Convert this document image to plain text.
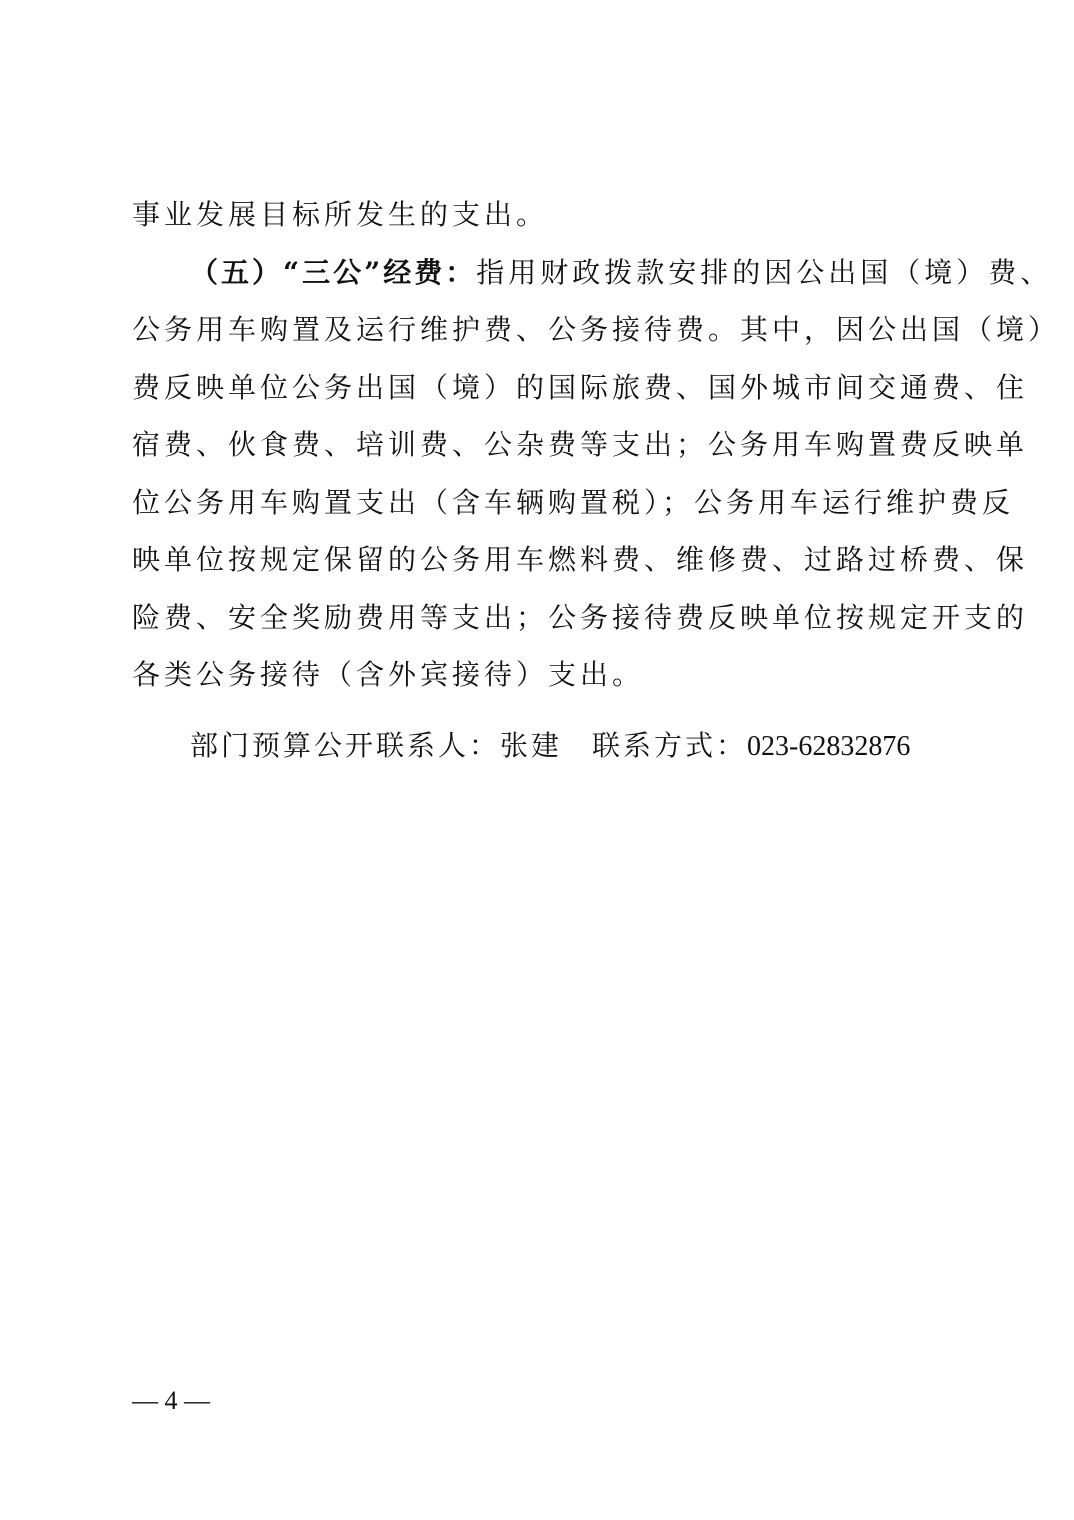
事业发展目标所发生的支出。
（五）“三公”经费：指用财政拨款安排的因公出国（境）费、
公务用车购置及运行维护费、公务接待费。其中，因公出国（境）
费反映单位公务出国（境）的国际旅费、国外城市间交通费、住
宿费、伙食费、培训费、公杂费等支出；公务用车购置费反映单
位公务用车购置支出（含车辆购置税）；公务用车运行维护费反
映单位按规定保留的公务用车燃料费、维修费、过路过桥费、保
险费、安全奖励费用等支出；公务接待费反映单位按规定开支的
各类公务接待（含外宾接待）支出。
部门预算公开联系人：张建 联系方式：023-62832876
— 4 —
